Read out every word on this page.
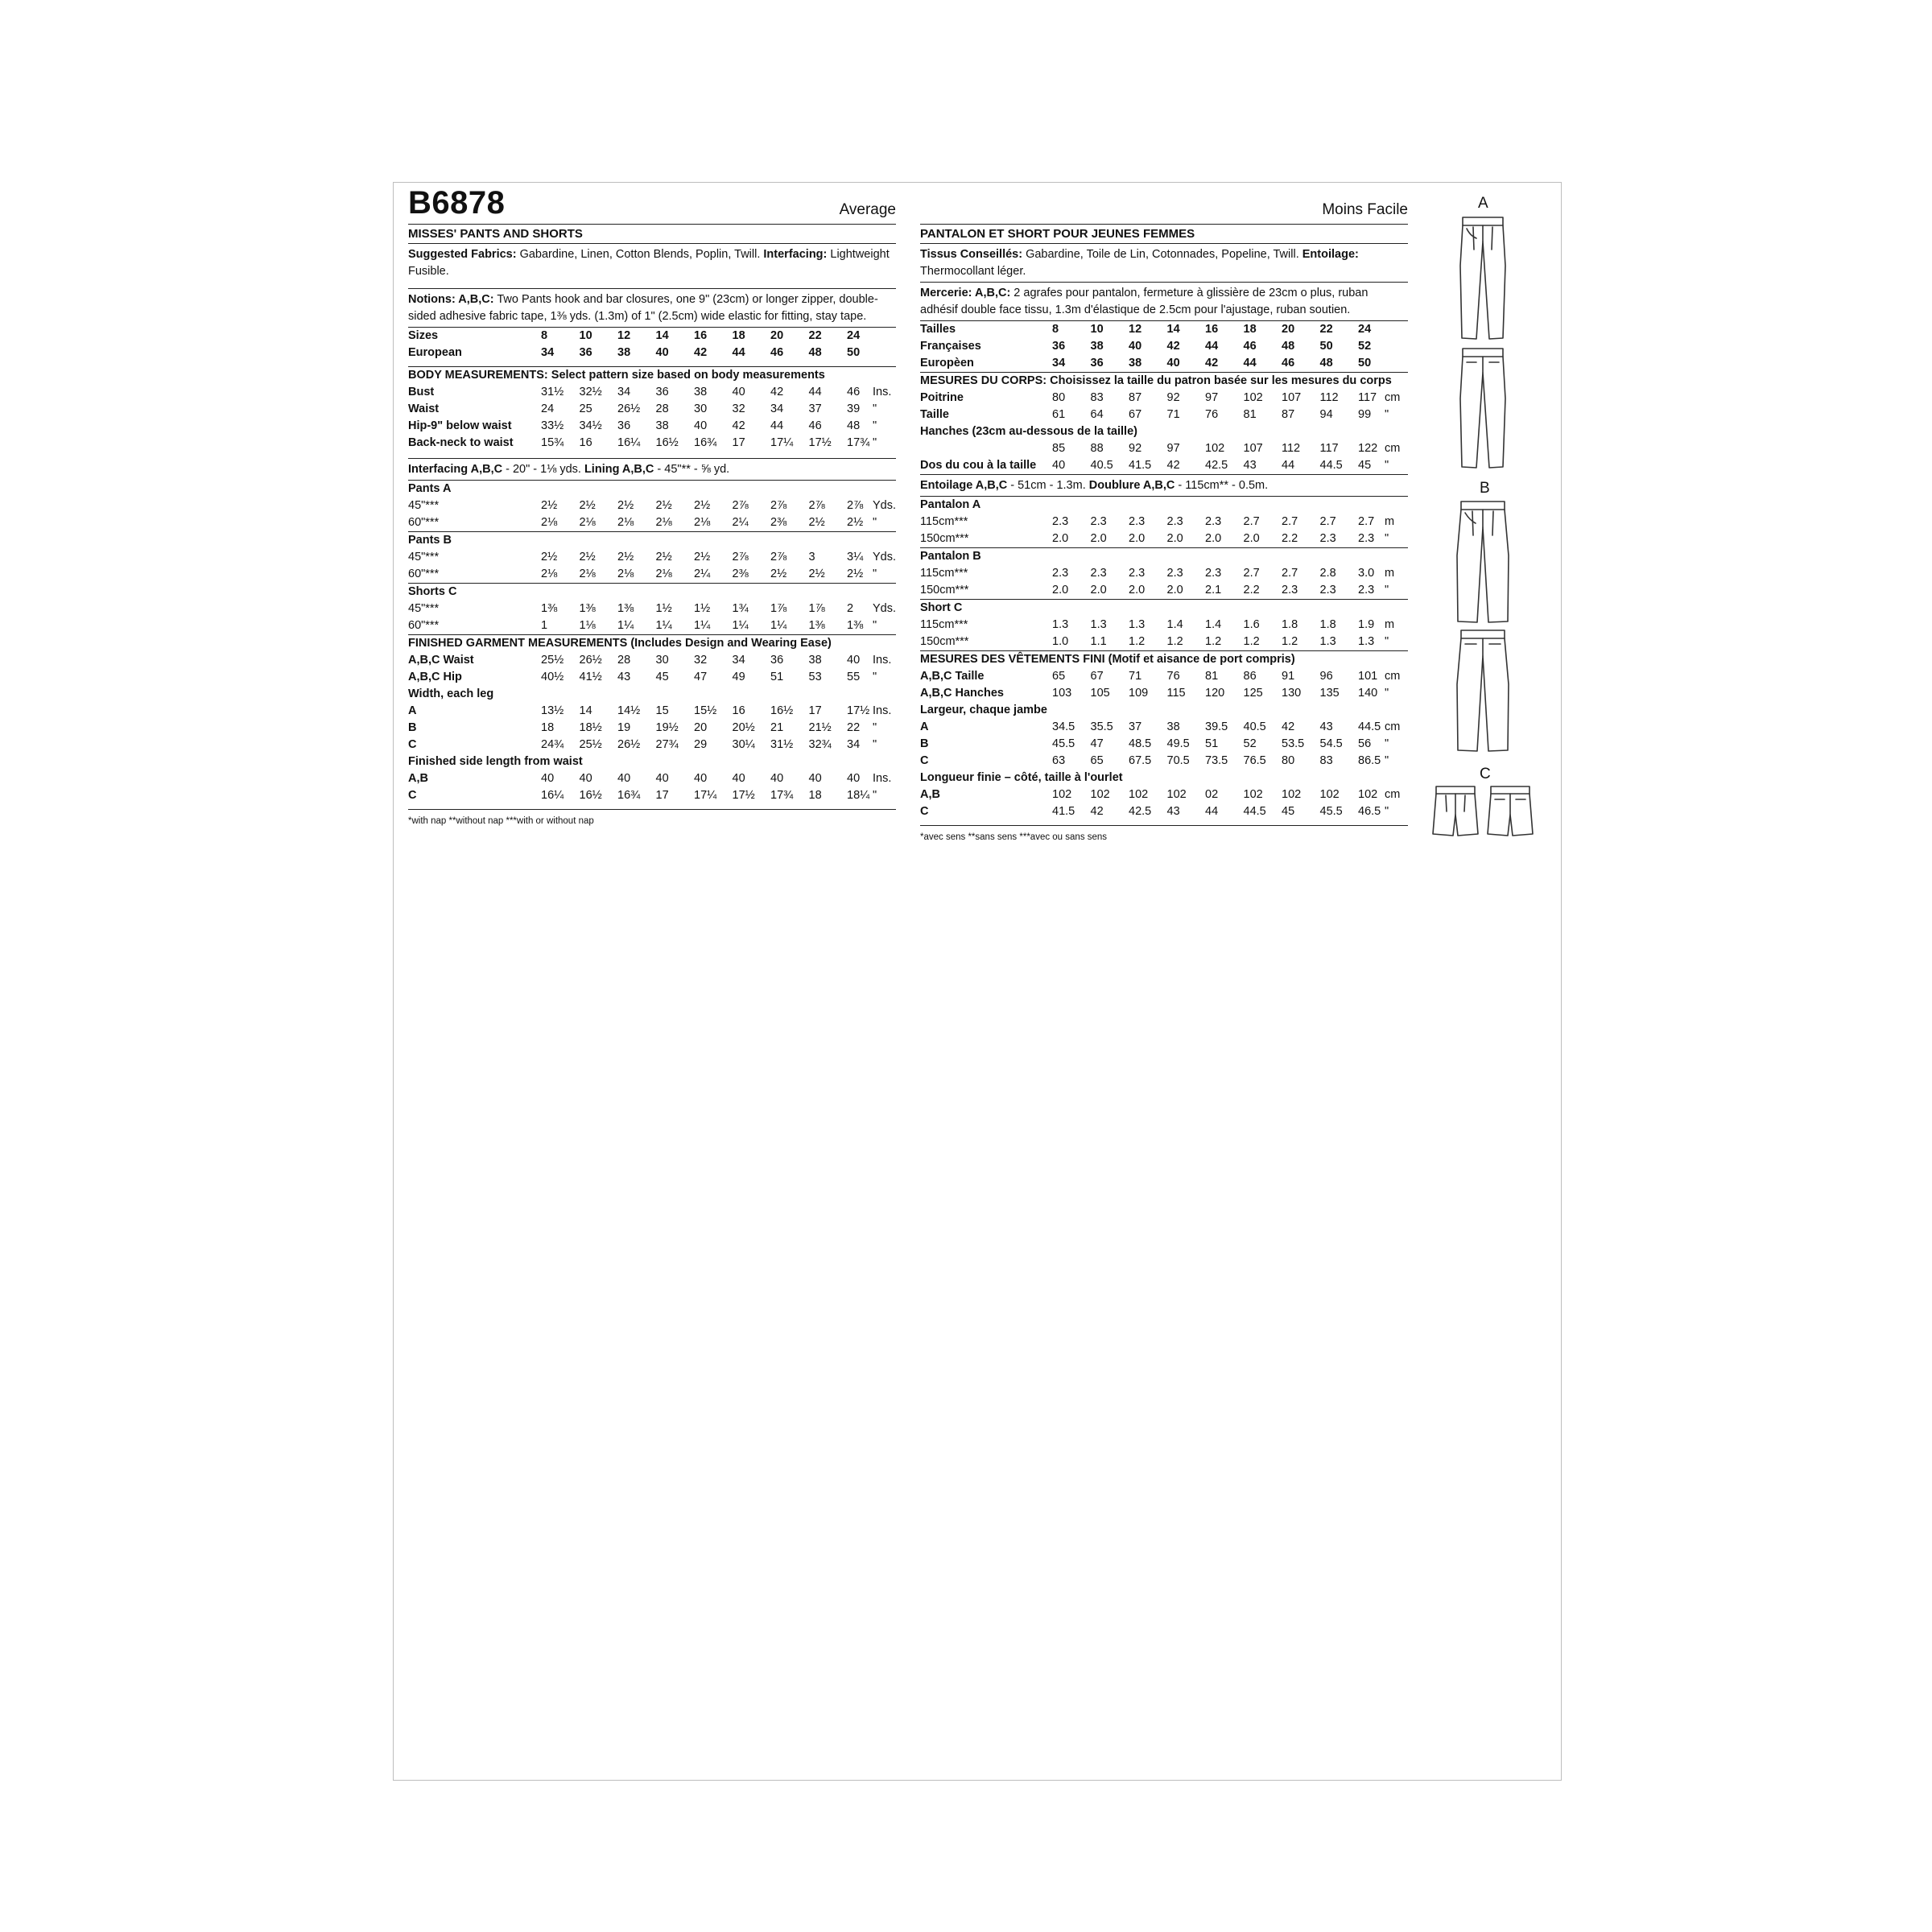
B6878	Average
MISSES' PANTS AND SHORTS
Suggested Fabrics: Gabardine, Linen, Cotton Blends, Poplin, Twill. Interfacing: Lightweight Fusible.
Notions: A,B,C: Two Pants hook and bar closures, one 9" (23cm) or longer zipper, double-sided adhesive fabric tape, 1⅜ yds. (1.3m) of 1" (2.5cm) wide elastic for fitting, stay tape.
Sizes	8	10 12 14 16 18 20 22 24
European	34 36 38 40 42 44 46 48 50
BODY MEASUREMENTS: Select pattern size based on body measurements
Bust	31½ 32½ 34 36 38 40 42 44 46 Ins.
Waist	24 25 26½ 28 30 32 34 37 39 "
Hip-9" below waist	33½ 34½ 36 38 40 42 44 46 48 "
Back-neck to waist 15¾ 16 16¼ 16½ 16¾ 17 17¼ 17½ 17¾ "
Interfacing A,B,C - 20" - 1⅛ yds. Lining A,B,C - 45"** - ⅝ yd.
Pants A
45"***	2½ 2½ 2½ 2½ 2½ 2⅞ 2⅞ 2⅞ 2⅞ Yds.
60"***	2⅛ 2⅛ 2⅛ 2⅛ 2⅛ 2¼ 2⅜ 2½ 2½ "
Pants B
45"***	2½ 2½ 2½ 2½ 2½ 2⅞ 2⅞ 3	3¼ Yds.
60"***	2⅛ 2⅛ 2⅛ 2⅛ 2¼ 2⅜ 2½ 2½ 2½ "
Shorts C
45"***	1⅜ 1⅜ 1⅜ 1½ 1½ 1¾ 1⅞ 1⅞ 2 Yds.
60"***	1	1⅛ 1¼ 1¼ 1¼ 1¼ 1¼ 1⅜ 1⅜ "
FINISHED GARMENT MEASUREMENTS (Includes Design and Wearing Ease)
A,B,C Waist	25½ 26½ 28 30 32 34 36 38 40 Ins.
A,B,C Hip	40½ 41½ 43 45 47 49 51 53 55 "
Width, each leg
A	13½ 14 14½ 15 15½ 16 16½ 17 17½ Ins.
B	18 18½ 19 19½ 20 20½ 21 21½ 22 "
C	24¾ 25½ 26½ 27¾ 29 30¼ 31½ 32¾ 34 "
Finished side length from waist
A,B	40 40 40 40 40 40 40 40 40 Ins.
C	16¼ 16½ 16¾ 17 17¼ 17½ 17¾ 18 18¼ "
*with nap **without nap ***with or without nap
Moins Facile
PANTALON ET SHORT POUR JEUNES FEMMES
Tissus Conseillés: Gabardine, Toile de Lin, Cotonnades, Popeline, Twill. Entoilage: Thermocollant léger.
Mercerie: A,B,C: 2 agrafes pour pantalon, fermeture à glissière de 23cm o plus, ruban adhésif double face tissu, 1.3m d'élastique de 2.5cm pour l'ajustage, ruban soutien.
Tailles	8	10 12 14 16 18 20 22 24
Françaises	36 38 40 42 44 46 48 50 52
Europèen	34 36 38 40 42 44 46 48 50
MESURES DU CORPS: Choisissez la taille du patron basée sur les mesures du corps
Poitrine	80 83 87 92 97 102 107 112 117 cm
Taille	61 64 67 71 76 81 87 94 99 "
Hanches (23cm au-dessous de la taille)
85 88 92 97 102 107 112 117 122 cm
Dos du cou à la taille 40 40.5 41.5 42 42.5 43 44 44.5 45 "
Entoilage A,B,C - 51cm - 1.3m. Doublure A,B,C - 115cm** - 0.5m.
Pantalon A
115cm***	2.3 2.3 2.3 2.3 2.3 2.7 2.7 2.7 2.7 m
150cm***	2.0 2.0 2.0 2.0 2.0 2.0 2.2 2.3 2.3 "
Pantalon B
115cm***	2.3 2.3 2.3 2.3 2.3 2.7 2.7 2.8 3.0 m
150cm***	2.0 2.0 2.0 2.0 2.1 2.2 2.3 2.3 2.3 "
Short C
115cm***	1.3 1.3 1.3 1.4 1.4 1.6 1.8 1.8 1.9 m
150cm***	1.0 1.1 1.2 1.2 1.2 1.2 1.2 1.3 1.3 "
MESURES DES VÊTEMENTS FINI (Motif et aisance de port compris)
A,B,C Taille	65 67 71 76 81 86 91 96 101 cm
A,B,C Hanches	103 105 109 115 120 125 130 135 140 "
Largeur, chaque jambe
A	34.5 35.5 37 38 39.5 40.5 42 43 44.5 cm
B	45.5 47 48.5 49.5 51 52 53.5 54.5 56 "
C	63 65 67.5 70.5 73.5 76.5 80 83 86.5 "
Longueur finie – côté, taille à l'ourlet
A,B	102 102 102 102 02 102 102 102 102 cm
C	41.5 42 42.5 43 44 44.5 45 45.5 46.5 "
*avec sens **sans sens ***avec ou sans sens
A
B
C
